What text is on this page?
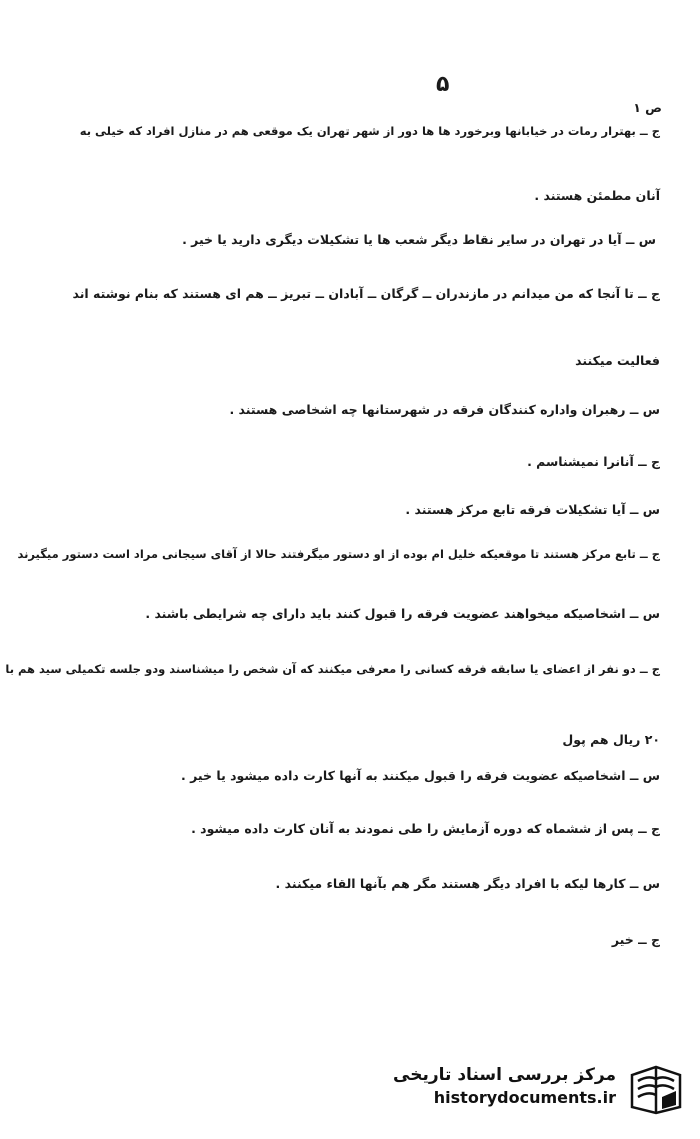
۵
ص ۱
ج ــ بهترار رمات در خیابانها وبرخورد ها ها دور از شهر تهران یک موقعی هم در منازل افراد که خیلی به
آنان مطمئن هستند .
س ــ آیا در تهران در سایر نقاط دیگر شعب ها یا تشکیلات دیگری دارید یا خیر .
ج ــ تا آنجا که من میدانم در مازندران ــ گرگان ــ آبادان ــ تبریز ــ هم ای هستند که بنام نوشته اند
فعالیت میکنند
س ــ رهبران واداره کنندگان فرقه در شهرستانها چه اشخاصی هستند .
ج ــ آنانرا نمیشناسم .
س ــ آیا تشکیلات فرقه تابع مرکز هستند .
ج ــ تابع مرکز هستند تا موقعیکه خلیل ام بوده از او دستور میگرفتند حالا از آقای سیجانی مراد است دستور میگیرند
س ــ اشخاصیکه میخواهند عضویت فرقه را قبول کنند باید دارای چه شرایطی باشند .
ج ــ دو نفر از اعضای یا سابقه فرقه کسانی را معرفی میکنند که آن شخص را میشناسند ودو جلسه تکمیلی سید هم با
۲۰ ریال هم پول
س ــ اشخاصیکه عضویت فرقه را قبول میکنند به آنها کارت داده میشود یا خیر .
ج ــ پس از ششماه که دوره آزمایش را طی نمودند به آنان کارت داده میشود .
س ــ کارها لیکه با افراد دیگر هستند مگر هم بآنها القاء میکنند .
ج ــ خیر
مرکز بررسی اسناد تاریخی
historydocuments.ir
